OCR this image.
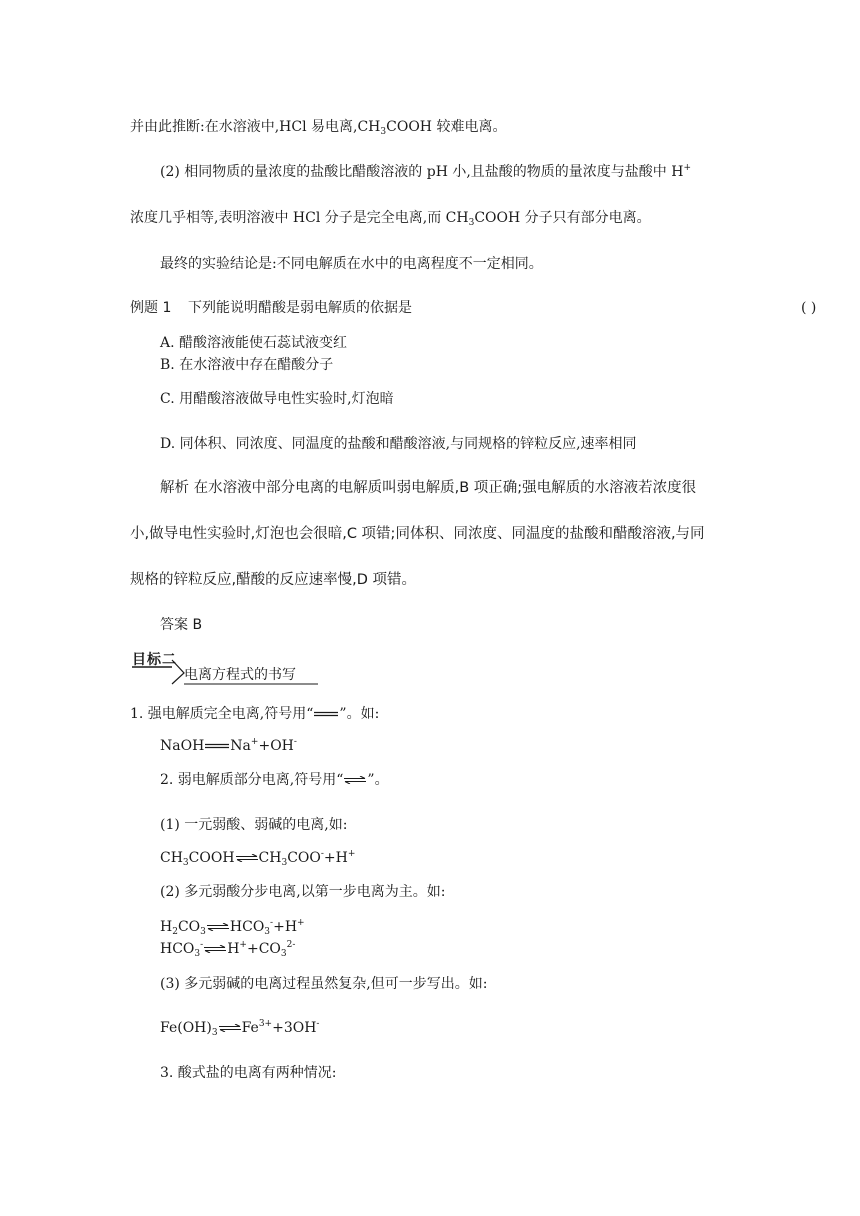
并由此推断:在水溶液中,HCl 易电离$,CH_3COOH$ 较难电离。
(2) 相同物质的量浓度的盐酸比醋酸溶液的 pH 小,且盐酸的物质的量浓度与盐酸中 H+
浓度几乎相等,表明溶液中 HCl 分子是完全电离,而 $CH_3COOH$ 分子只有部分电离。
最终的实验结论是:不同电解质在水中的电离程度不一定相同。
例题 1 下列能说明醋酸是弱电解质的依据是	( )
A. 醋酸溶液能使石蕊试液变红
B. 在水溶液中存在醋酸分子
C. 用醋酸溶液做导电性实验时,灯泡暗
D. 同体积、同浓度、同温度的盐酸和醋酸溶液,与同规格的锌粒反应,速率相同
解析 在水溶液中部分电离的电解质叫弱电解质,B 项正确;强电解质的水溶液若浓度很
小,做导电性实验时,灯泡也会很暗,C 项错;同体积、同浓度、同温度的盐酸和醋酸溶液,与同
规格的锌粒反应,醋酸的反应速率慢,D 项错。
答案 B
目标二
电离方程式的书写
1. 强电解质完全电离,符号用“ ”。如:
NaOH Na++OH-
2. 弱电解质部分电离,符号用“⇌”。
(1) 一元弱酸、弱碱的电离,如:
$CH_3COOH\rightleftharpoons CH_3COO^-+H^+$
(2) 多元弱酸分步电离,以第一步电离为主。如:
$H_2CO_3\rightleftharpoons HCO_3^-+H^+$
$HCO_3^-\rightleftharpoons H^++CO_3^{2-}$
(3) 多元弱碱的电离过程虽然复杂,但可一步写出。如:
$Fe(OH)_3\rightleftharpoons Fe^{3+}+3OH^-$
3. 酸式盐的电离有两种情况:
